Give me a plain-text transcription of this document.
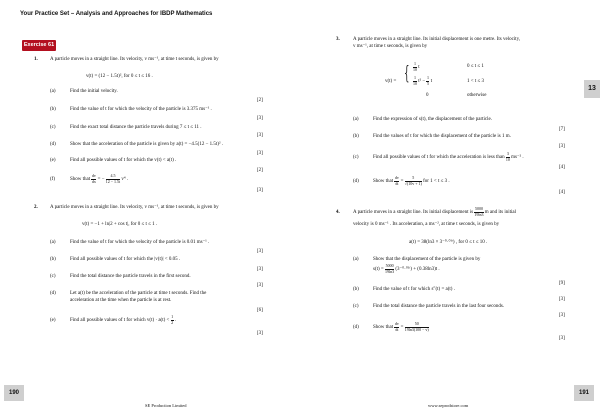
Your Practice Set – Analysis and Approaches for IBDP Mathematics
Exercise 61
13
190	191
SE Production Limited	www.seprodstore.com
1. A particle moves in a straight line. Its velocity, v ms⁻¹, at time t seconds, is given by
v(t) = (12 − 1.5t)², for 0 ≤ t ≤ 16 .
(a)	Find the initial velocity.
[2]
(b)	Find the value of t for which the velocity of the particle is 3.375 ms⁻¹ .
[3]
(c)	Find the exact total distance the particle travels during 7 ≤ t ≤ 11 .
[3]
(d)	Show that the acceleration of the particle is given by a(t) = −4.5(12 − 1.5t)² .
[3]
(e)	Find all possible values of t for which the v(t) < a(t) .
[2]
(f)	Show that $\frac{dv}{dx}$ = − $\frac{4.5}{12 - 1.5t} v^4$ .
[3]
2. A particle moves in a straight line. Its velocity, v ms⁻¹, at time t seconds, is given by
v(t) = −1 + ln|2 + cos t|, for 0 ≤ t ≤ 1 .
(a)	Find the value of t for which the velocity of the particle is 0.01 ms⁻¹ .
[3]
(b)	Find all possible values of t for which the |v(t)| < 0.05 .
[3]
(c)	Find the total distance the particle travels in the first second.
[3]
(d)	Let a(t) be the acceleration of the particle at time t seconds. Find the
acceleration at the time when the particle is at rest.
[6]
(e)	Find all possible values of t for which $v(t) \cdot a(t) < \frac{1}{2}$ .
[3]
3.	A particle moves in a straight line. Its initial displacement is one metre. Its velocity,
v ms⁻¹, at time t seconds, is given by
v(t) = { $\frac{1}{10}$ t	0 ≤ t ≤ 1
$\frac{1}{10} t^2 - \frac{1}{5}$ t	1 < t ≤ 3
0	otherwise
(a)	Find the expression of s(t), the displacement of the particle.
[7]
(b)	Find the values of t for which the displacement of the particle is 1 m.
[3]
(c)	Find all possible values of t for which the acceleration is less than $\frac{3}{10} ms^{-2}$ .
[4]
(d)	Show that $\frac{dv}{dt} = \frac{5}{√(10v + 1)}$ for 1 < t ≤ 3 .
[4]
4.	A particle moves in a straight line. Its initial displacement is $\frac{5000}{19\ln 3}$ m and its initial
velocity is 0 ms⁻¹ . Its acceleration, a ms⁻², at time t seconds, is given by
a(t) = 38(ln3 × 3⁻⁰·⁰¹ᵗ) , for 0 ≤ t ≤ 10 .
(a)	Show that the displacement of the particle is given by
$s(t) = \frac{5000}{19\ln 3}$ (3⁻⁰·⁰¹ᵗ) + (0.38ln3)t .
[9]
(b)	Find the value of t for which s″(t) = a(t) .
[3]
(c)	Find the total distance the particle travels in the last four seconds.
[3]
(d)	Show that $\frac{dv}{dt} = \frac{50}{19\ln 3(100 - v)}$
[3]
